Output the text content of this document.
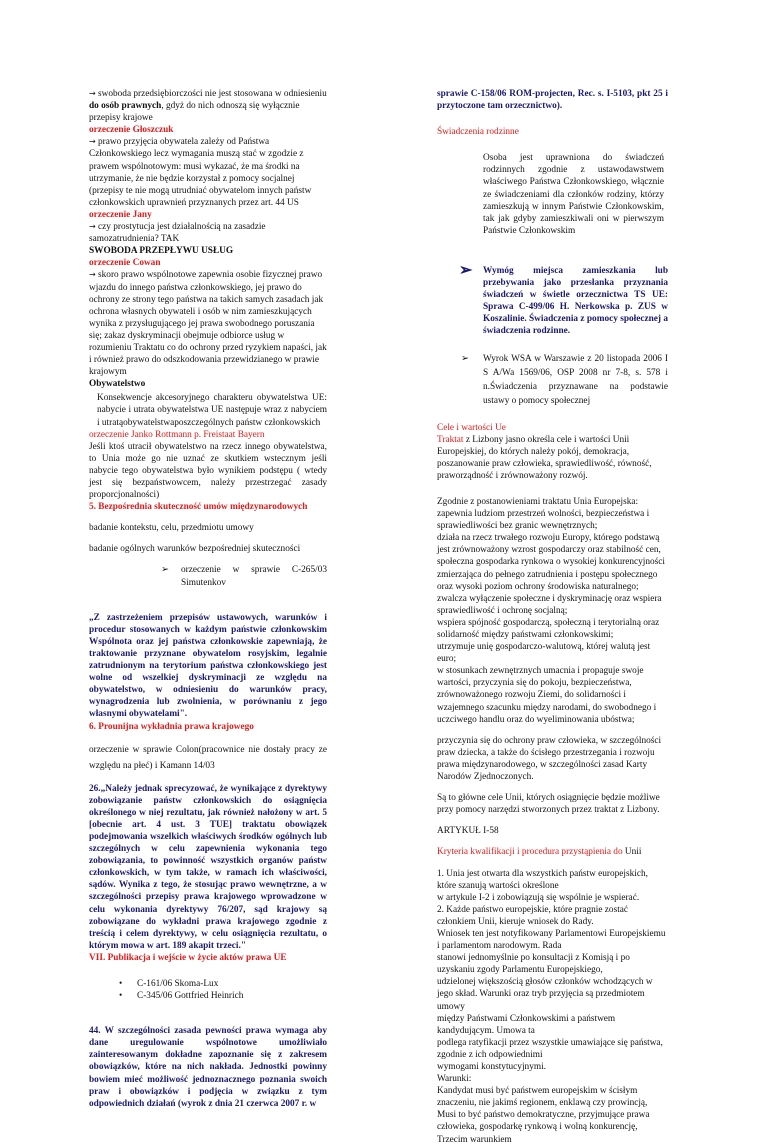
→ swoboda przedsiębiorczości nie jest stosowana w odniesieniu do osób prawnych, gdyż do nich odnoszą się wyłącznie przepisy krajowe

orzeczenie Głoszczuk

→ prawo przyjęcia obywatela zależy od Państwa Członkowskiego lecz wymagania muszą stać w zgodzie z prawem wspólnotowym: musi wykazać, że ma środki na utrzymanie, że nie będzie korzystał z pomocy socjalnej (przepisy te nie mogą utrudniać obywatelom innych państw członkowskich uprawnień przyznanych przez art. 44 US

orzeczenie Jany

→ czy prostytucja jest działalnością na zasadzie samozatrudnienia? TAK

SWOBODA PRZEPŁYWU USŁUG

orzeczenie Cowan

→ skoro prawo wspólnotowe zapewnia osobie fizycznej prawo wjazdu do innego państwa członkowskiego, jej prawo do ochrony ze strony tego państwa na takich samych zasadach jak ochrona własnych obywateli i osób w nim zamieszkujących wynika z przysługującego jej prawa swobodnego poruszania się; zakaz dyskryminacji obejmuje odbiorce usług w rozumieniu Traktatu co do ochrony przed ryzykiem napaści, jak i również prawo do odszkodowania przewidzianego w prawie krajowym

Obywatelstwo

Konsekwencje akcesoryjnego charakteru obywatelstwa UE: nabycie i utrata obywatelstwa UE następuje wraz z nabyciem i utratąobywatelstwaposzczególnych państw członkowskich

orzeczenie Janko Rottmann p. Freistaat Bayern

Jeśli ktoś utracił obywatelstwo na rzecz innego obywatelstwa, to Unia może go nie uznać ze skutkiem wstecznym jeśli nabycie tego obywatelstwa było wynikiem podstępu ( wtedy jest się bezpaństwowcem, należy przestrzegać zasady proporcjonalności)

5. Bezpośrednia skuteczność umów międzynarodowych

badanie kontekstu, celu, przedmiotu umowy

badanie ogólnych warunków bezpośredniej skuteczności

➢ orzeczenie w sprawie C-265/03 Simutenkov

„Z zastrzeżeniem przepisów ustawowych, warunków i procedur stosowanych w każdym państwie członkowskim Wspólnota oraz jej państwa członkowskie zapewniają, że traktowanie przyznane obywatelom rosyjskim, legalnie zatrudnionym na terytorium państwa członkowskiego jest wolne od wszelkiej dyskryminacji ze względu na obywatelstwo, w odniesieniu do warunków pracy, wynagrodzenia lub zwolnienia, w porównaniu z jego własnymi obywatelami".

6. Prounijna wykładnia prawa krajowego

orzeczenie w sprawie Colon(pracownice nie dostały pracy ze względu na płeć) i Kamann 14/03

26.„Należy jednak sprecyzować, że wynikające z dyrektywy zobowiązanie państw członkowskich do osiągnięcia określonego w niej rezultatu, jak również nałożony w art. 5 [obecnie art. 4 ust. 3 TUE] traktatu obowiązek podejmowania wszelkich właściwych środków ogólnych lub szczególnych w celu zapewnienia wykonania tego zobowiązania, to powinność wszystkich organów państw członkowskich, w tym także, w ramach ich właściwości, sądów. Wynika z tego, że stosując prawo wewnętrzne, a w szczególności przepisy prawa krajowego wprowadzone w celu wykonania dyrektywy 76/207, sąd krajowy są zobowiązane do wykładni prawa krajowego zgodnie z treścią i celem dyrektywy, w celu osiągnięcia rezultatu, o którym mowa w art. 189 akapit trzeci."

VII. Publikacja i wejście w życie aktów prawa UE

• C-161/06 Skoma-Lux
• C-345/06 Gottfried Heinrich

44. W szczególności zasada pewności prawa wymaga aby dane uregulowanie wspólnotowe umożliwiało zainteresowanym dokładne zapoznanie się z zakresem obowiązków, które na nich nakłada. Jednostki powinny bowiem mieć możliwość jednoznacznego poznania swoich praw i obowiązków i podjęcia w związku z tym odpowiednich działań (wyrok z dnia 21 czerwca 2007 r. w

sprawie C-158/06 ROM-projecten, Rec. s. I-5103, pkt 25 i przytoczone tam orzecznictwo).

Świadczenia rodzinne

Osoba jest uprawniona do świadczeń rodzinnych zgodnie z ustawodawstwem właściwego Państwa Członkowskiego, włącznie ze świadczeniami dla członków rodziny, którzy zamieszkują w innym Państwie Członkowskim, tak jak gdyby zamieszkiwali oni w pierwszym Państwie Członkowskim

➢ Wymóg miejsca zamieszkania lub przebywania jako przesłanka przyznania świadczeń w świetle orzecznictwa TS UE: Sprawa C-499/06 H. Nerkowska p. ZUS w Koszalinie. Świadczenia z pomocy społecznej a świadczenia rodzinne.

➢ Wyrok WSA w Warszawie z 20 listopada 2006 I S A/Wa 1569/06, OSP 2008 nr 7-8, s. 578 i n.Świadczenia przyznawane na podstawie ustawy o pomocy społecznej

Cele i wartości Ue

Traktat z Lizbony jasno określa cele i wartości Unii Europejskiej, do których należy pokój, demokracja, poszanowanie praw człowieka, sprawiedliwość, równość, praworządność i zrównoważony rozwój.

Zgodnie z postanowieniami traktatu Unia Europejska:

zapewnia ludziom przestrzeń wolności, bezpieczeństwa i sprawiedliwości bez granic wewnętrznych;

działa na rzecz trwałego rozwoju Europy, którego podstawą jest zrównoważony wzrost gospodarczy oraz stabilność cen, społeczna gospodarka rynkowa o wysokiej konkurencyjności zmierzająca do pełnego zatrudnienia i postępu społecznego oraz wysoki poziom ochrony środowiska naturalnego;

zwalcza wyłączenie społeczne i dyskryminację oraz wspiera sprawiedliwość i ochronę socjalną;

wspiera spójność gospodarczą, społeczną i terytorialną oraz solidarność między państwami członkowskimi;

utrzymuje unię gospodarczo-walutową, której walutą jest euro;

w stosunkach zewnętrznych umacnia i propaguje swoje wartości, przyczynia się do pokoju, bezpieczeństwa, zrównoważonego rozwoju Ziemi, do solidarności i wzajemnego szacunku między narodami, do swobodnego i uczciwego handlu oraz do wyeliminowania ubóstwa;

przyczynia się do ochrony praw człowieka, w szczególności praw dziecka, a także do ścisłego przestrzegania i rozwoju prawa międzynarodowego, w szczególności zasad Karty Narodów Zjednoczonych.

Są to główne cele Unii, których osiągnięcie będzie możliwe przy pomocy narzędzi stworzonych przez traktat z Lizbony.

ARTYKUŁ I-58

Kryteria kwalifikacji i procedura przystąpienia do Unii

1. Unia jest otwarta dla wszystkich państw europejskich, które szanują wartości określone

w artykule I-2 i zobowiązują się wspólnie je wspierać.

2. Każde państwo europejskie, które pragnie zostać członkiem Unii, kieruje wniosek do Rady.

Wniosek ten jest notyfikowany Parlamentowi Europejskiemu i parlamentom narodowym. Rada

stanowi jednomyślnie po konsultacji z Komisją i po uzyskaniu zgody Parlamentu Europejskiego,

udzielonej większością głosów członków wchodzących w jego skład. Warunki oraz tryb przyjęcia są przedmiotem umowy

między Państwami Członkowskimi a państwem kandydującym. Umowa ta

podlega ratyfikacji przez wszystkie umawiające się państwa, zgodnie z ich odpowiednimi

wymogami konstytucyjnymi.

Warunki:

Kandydat musi być państwem europejskim w ścisłym znaczeniu, nie jakimś regionem, enklawą czy prowincją, Musi to być państwo demokratyczne, przyjmujące prawa człowieka, gospodarkę rynkową i wolną konkurencję, Trzecim warunkiem
